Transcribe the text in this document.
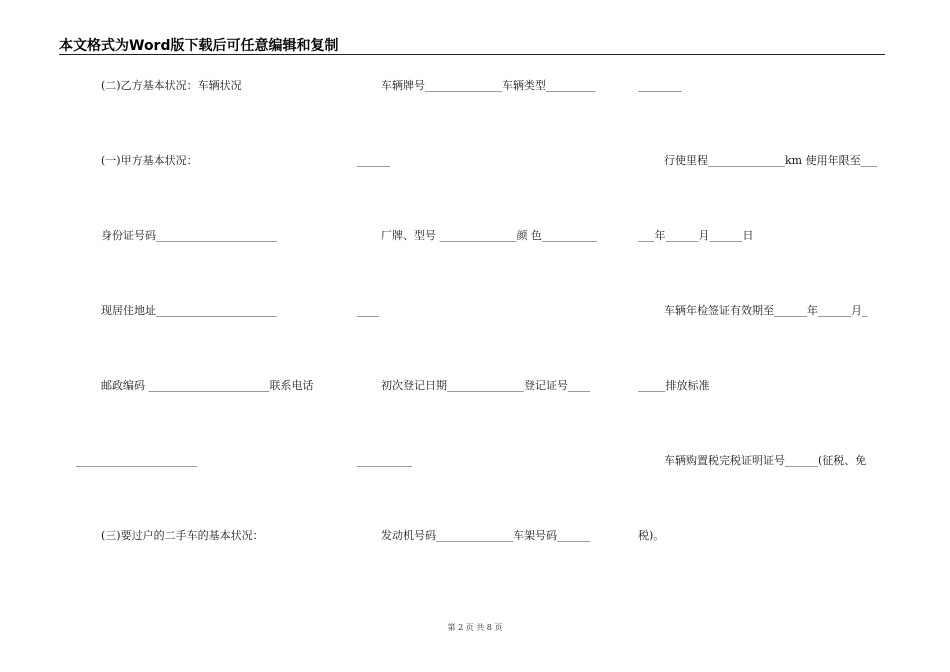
本文格式为Word版下载后可任意编辑和复制
(二)乙方基本状况：车辆状况	车辆牌号______________车辆类型_________	________
(一)甲方基本状况：	______	行使里程______________km 使用年限至___
身份证号码______________________	厂牌、型号 ______________颜 色__________	___年______月______日
现居住地址______________________	____	车辆年检签证有效期至______年______月_
邮政编码 ______________________联系电话	初次登记日期______________登记证号____	_____排放标准
______________________	__________	车辆购置税完税证明证号______(征税、免
(三)要过户的二手车的基本状况：	发动机号码______________车架号码______	税)。
第 2 页 共 8 页
